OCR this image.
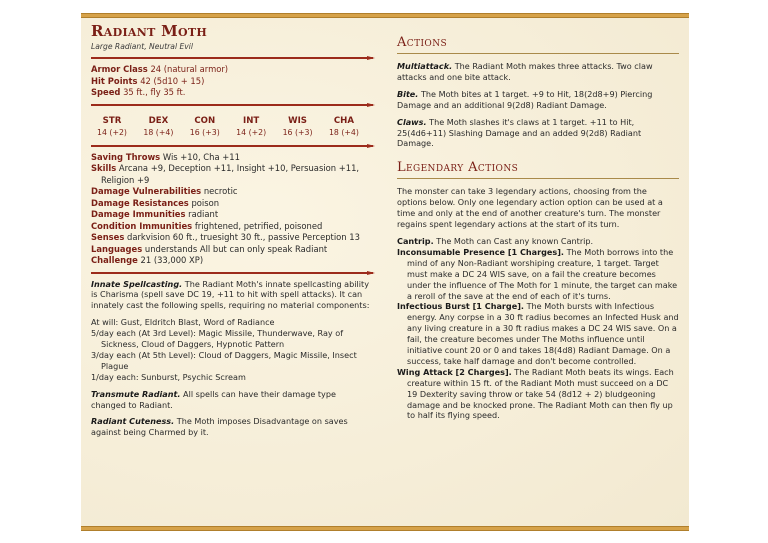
Radiant Moth
Large Radiant, Neutral Evil
Armor Class 24 (natural armor)
Hit Points 42 (5d10 + 15)
Speed 35 ft., fly 35 ft.
STR
14 (+2)
DEX
18 (+4)
CON
16 (+3)
INT
14 (+2)
WIS
16 (+3)
CHA
18 (+4)
Saving Throws Wis +10, Cha +11
Skills Arcana +9, Deception +11, Insight +10, Persuasion +11, Religion +9
Damage Vulnerabilities necrotic
Damage Resistances poison
Damage Immunities radiant
Condition Immunities frightened, petrified, poisoned
Senses darkvision 60 ft., truesight 30 ft., passive Perception 13
Languages understands All but can only speak Radiant
Challenge 21 (33,000 XP)
Innate Spellcasting. The Radiant Moth's innate spellcasting ability is Charisma (spell save DC 19, +11 to hit with spell attacks). It can innately cast the following spells, requiring no material components:
At will: Gust, Eldritch Blast, Word of Radiance
5/day each (At 3rd Level): Magic Missile, Thunderwave, Ray of Sickness, Cloud of Daggers, Hypnotic Pattern
3/day each (At 5th Level): Cloud of Daggers, Magic Missile, Insect Plague
1/day each: Sunburst, Psychic Scream
Transmute Radiant. All spells can have their damage type changed to Radiant.
Radiant Cuteness. The Moth imposes Disadvantage on saves against being Charmed by it.
Actions
Multiattack. The Radiant Moth makes three attacks. Two claw attacks and one bite attack.
Bite. The Moth bites at 1 target. +9 to Hit, 18(2d8+9) Piercing Damage and an additional 9(2d8) Radiant Damage.
Claws. The Moth slashes it's claws at 1 target. +11 to Hit, 25(4d6+11) Slashing Damage and an added 9(2d8) Radiant Damage.
Legendary Actions
The monster can take 3 legendary actions, choosing from the options below. Only one legendary action option can be used at a time and only at the end of another creature's turn. The monster regains spent legendary actions at the start of its turn.
Cantrip. The Moth can Cast any known Cantrip.
Inconsumable Presence [1 Charges]. The Moth borrows into the mind of any Non-Radiant worshiping creature, 1 target. Target must make a DC 24 WIS save, on a fail the creature becomes under the influence of The Moth for 1 minute, the target can make a reroll of the save at the end of each of it's turns.
Infectious Burst [1 Charge]. The Moth bursts with Infectious energy. Any corpse in a 30 ft radius becomes an Infected Husk and any living creature in a 30 ft radius makes a DC 24 WIS save. On a fail, the creature becomes under The Moths influence until initiative count 20 or 0 and takes 18(4d8) Radiant Damage. On a success, take half damage and don't become controlled.
Wing Attack [2 Charges]. The Radiant Moth beats its wings. Each creature within 15 ft. of the Radiant Moth must succeed on a DC 19 Dexterity saving throw or take 54 (8d12 + 2) bludgeoning damage and be knocked prone. The Radiant Moth can then fly up to half its flying speed.
